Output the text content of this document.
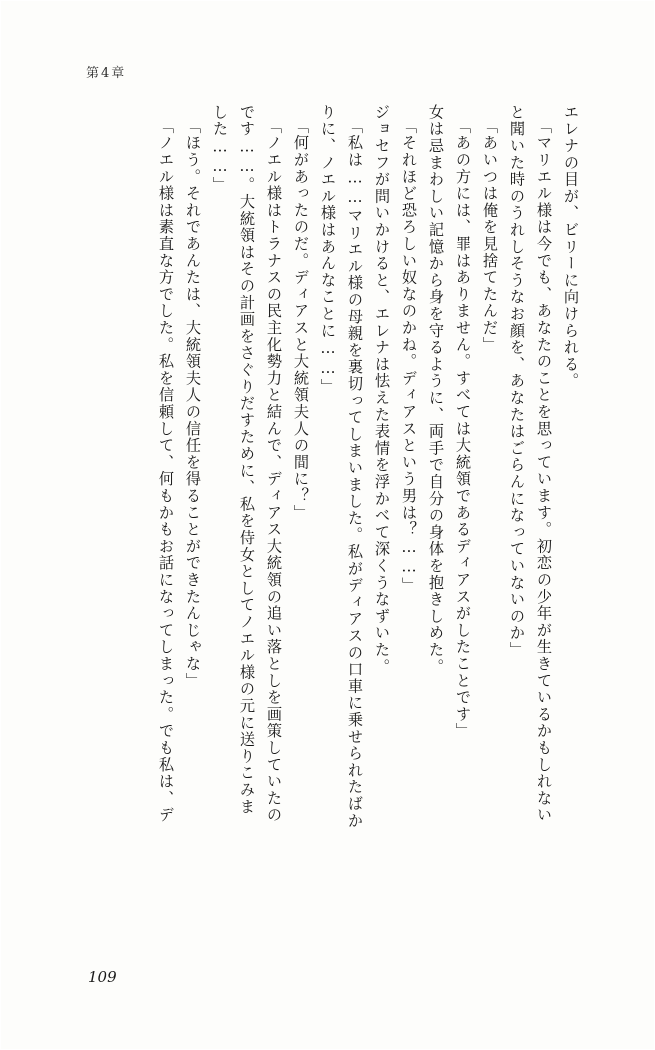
第4章
エレナの目が、ビリーに向けられる。
「マリエル様は今でも、あなたのことを思っています。初恋の少年が生きているかもしれない
と聞いた時のうれしそうなお顔を、あなたはごらんになっていないのか」
「あいつは俺を見捨てたんだ」
「あの方には、罪はありません。すべては大統領であるディアスがしたことです」
女は忌まわしい記憶から身を守るように、両手で自分の身体を抱きしめた。
「それほど恐ろしい奴なのかね。ディアスという男は？……」
ジョセフが問いかけると、エレナは怯えた表情を浮かべて深くうなずいた。
「私は……マリエル様の母親を裏切ってしまいました。私がディアスの口車に乗せられたばか
りに、ノエル様はあんなことに……」
「何があったのだ。ディアスと大統領夫人の間に？」
「ノエル様はトラナスの民主化勢力と結んで、ディアス大統領の追い落としを画策していたの
です……。大統領はその計画をさぐりだすために、私を侍女としてノエル様の元に送りこみま
した……」
「ほう。それであんたは、大統領夫人の信任を得ることができたんじゃな」
「ノエル様は素直な方でした。私を信頼して、何もかもお話になってしまった。でも私は、デ
109
